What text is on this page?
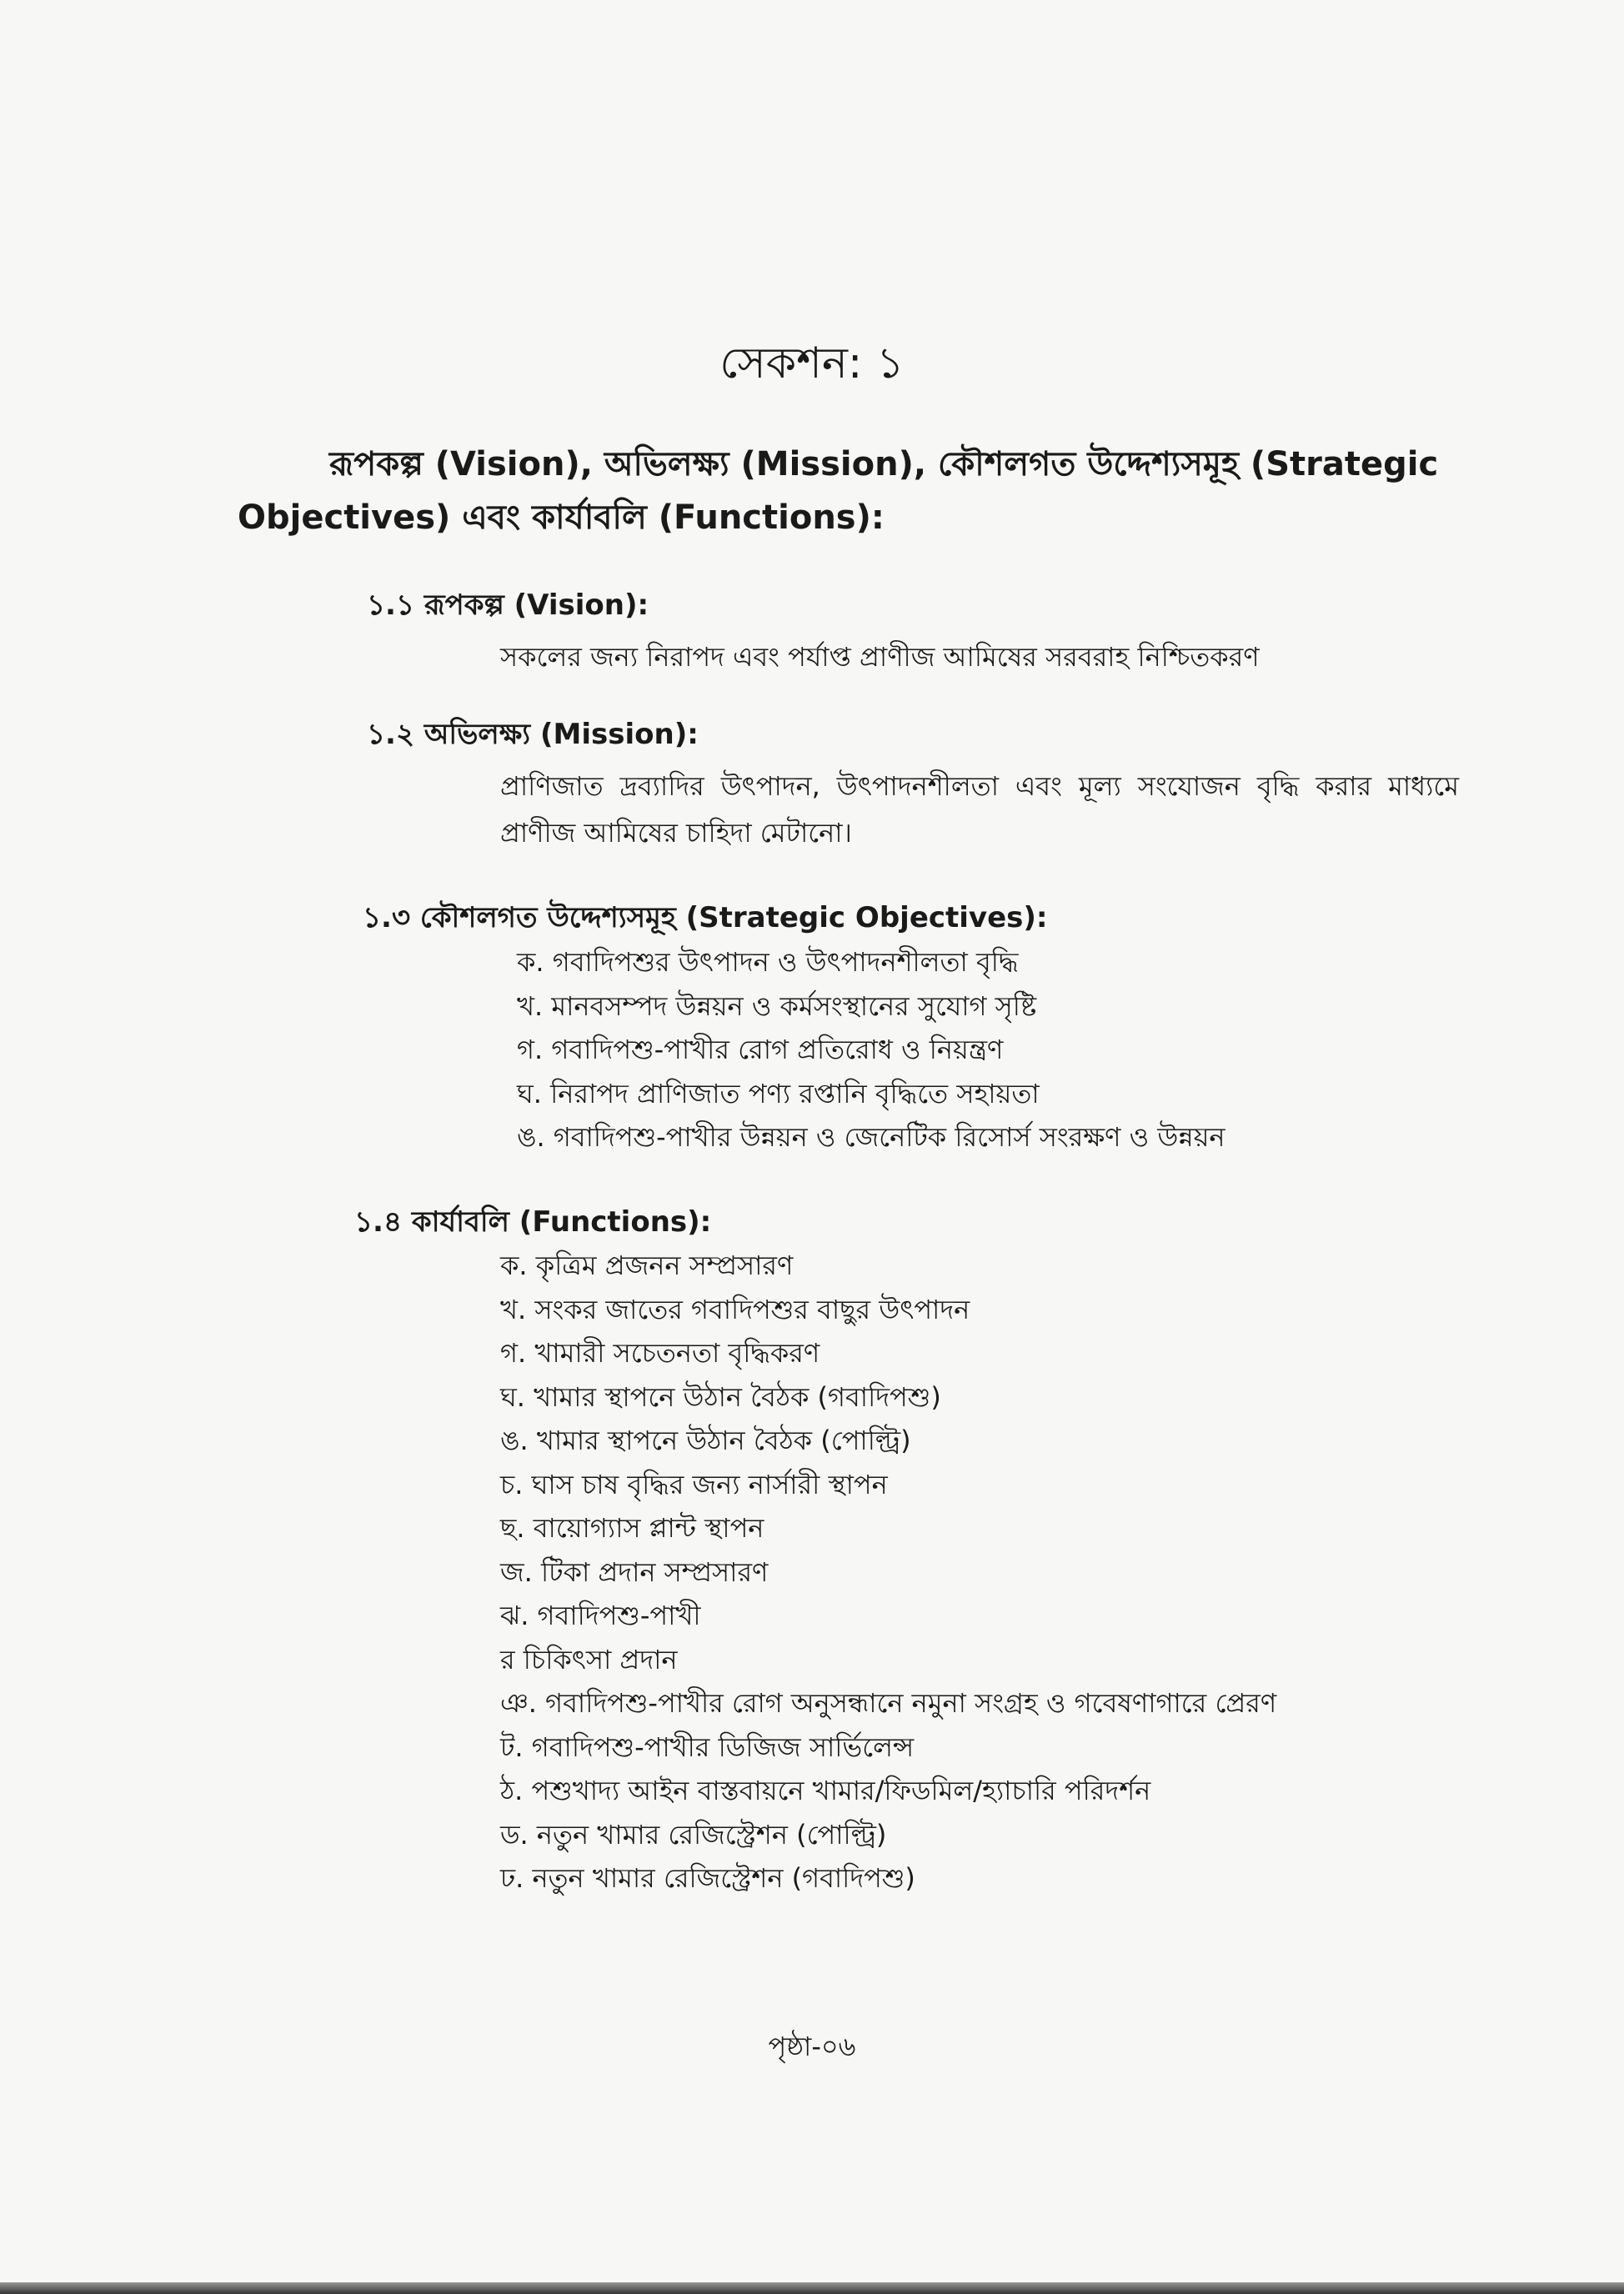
সেকশন: ১
রূপকল্প (Vision), অভিলক্ষ্য (Mission), কৌশলগত উদ্দেশ্যসমূহ (Strategic Objectives) এবং কার্যাবলি (Functions):
১.১ রূপকল্প (Vision):
সকলের জন্য নিরাপদ এবং পর্যাপ্ত প্রাণীজ আমিষের সরবরাহ নিশ্চিতকরণ
১.২ অভিলক্ষ্য (Mission):
প্রাণিজাত দ্রব্যাদির উৎপাদন, উৎপাদনশীলতা এবং মূল্য সংযোজন বৃদ্ধি করার মাধ্যমে প্রাণীজ আমিষের চাহিদা মেটানো।
১.৩ কৌশলগত উদ্দেশ্যসমূহ (Strategic Objectives):
ক. গবাদিপশুর উৎপাদন ও উৎপাদনশীলতা বৃদ্ধি
খ. মানবসম্পদ উন্নয়ন ও কর্মসংস্থানের সুযোগ সৃষ্টি
গ. গবাদিপশু-পাখীর রোগ প্রতিরোধ ও নিয়ন্ত্রণ
ঘ. নিরাপদ প্রাণিজাত পণ্য রপ্তানি বৃদ্ধিতে সহায়তা
ঙ. গবাদিপশু-পাখীর উন্নয়ন ও জেনেটিক রিসোর্স সংরক্ষণ ও উন্নয়ন
১.৪ কার্যাবলি (Functions):
ক. কৃত্রিম প্রজনন সম্প্রসারণ
খ. সংকর জাতের গবাদিপশুর বাছুর উৎপাদন
গ. খামারী সচেতনতা বৃদ্ধিকরণ
ঘ. খামার স্থাপনে উঠান বৈঠক (গবাদিপশু)
ঙ. খামার স্থাপনে উঠান বৈঠক (পোল্ট্রি)
চ. ঘাস চাষ বৃদ্ধির জন্য নার্সারী স্থাপন
ছ. বায়োগ্যাস প্লান্ট স্থাপন
জ. টিকা প্রদান সম্প্রসারণ
ঝ. গবাদিপশু-পাখী
র চিকিৎসা প্রদান
ঞ. গবাদিপশু-পাখীর রোগ অনুসন্ধানে নমুনা সংগ্রহ ও গবেষণাগারে প্রেরণ
ট. গবাদিপশু-পাখীর ডিজিজ সার্ভিলেন্স
ঠ. পশুখাদ্য আইন বাস্তবায়নে খামার/ফিডমিল/হ্যাচারি পরিদর্শন
ড. নতুন খামার রেজিস্ট্রেশন (পোল্ট্রি)
ঢ. নতুন খামার রেজিস্ট্রেশন (গবাদিপশু)
পৃষ্ঠা-০৬
